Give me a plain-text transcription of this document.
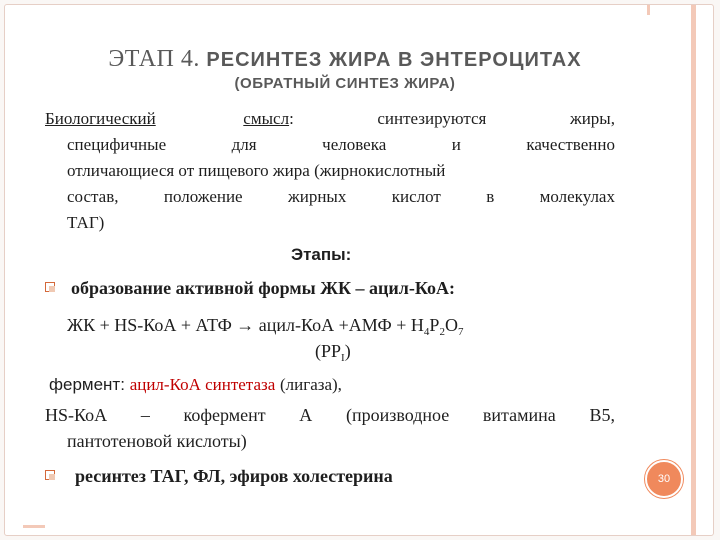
ЭТАП 4. РЕСИНТЕЗ ЖИРА В ЭНТЕРОЦИТАХ
(ОБРАТНЫЙ СИНТЕЗ ЖИРА)
Биологический	смысл:	синтезируются	жиры,
специфичные	для	человека	и	качественно
отличающиеся от пищевого жира (жирнокислотный
состав,	положение	жирных	кислот	в	молекулах
ТАГ)
Этапы:
образование активной формы ЖК – ацил-КоА:
ЖК + HS-КоА + АТФ → ацил-КоА $+АМФ + H_4P_2O_7$
$(PP_I)$
фермент: ацил-КоА синтетаза (лигаза),
HS-КоА – кофермент А (производное витамина В5,
пантотеновой кислоты)
ресинтез ТАГ, ФЛ, эфиров холестерина	30
